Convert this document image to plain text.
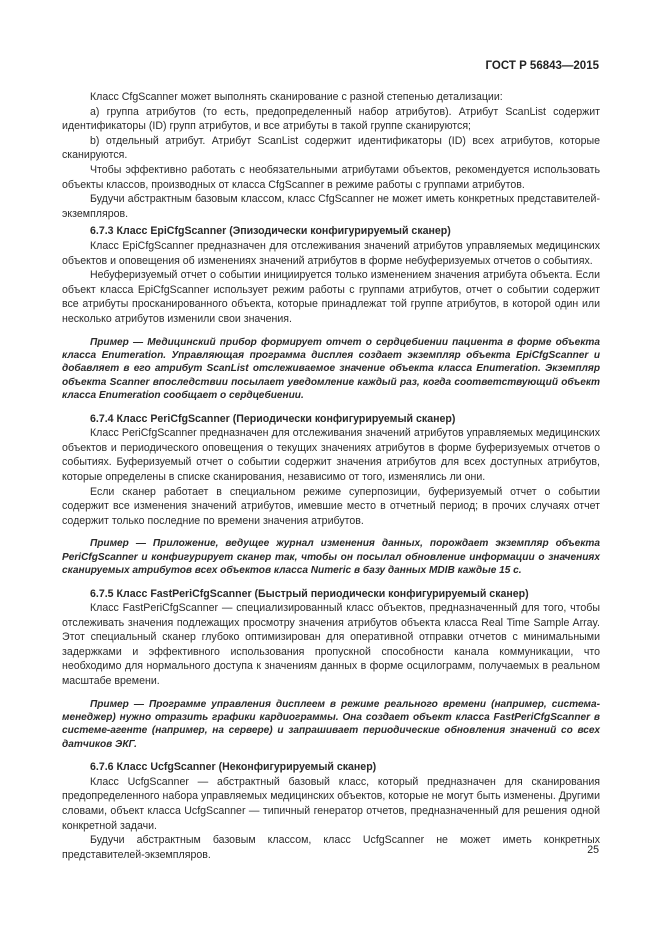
ГОСТ Р 56843—2015

Класс CfgScanner может выполнять сканирование с разной степенью детализации:

a) группа атрибутов (то есть, предопределенный набор атрибутов). Атрибут ScanList содержит идентификаторы (ID) групп атрибутов, и все атрибуты в такой группе сканируются;

b) отдельный атрибут. Атрибут ScanList содержит идентификаторы (ID) всех атрибутов, которые сканируются.

Чтобы эффективно работать с необязательными атрибутами объектов, рекомендуется использовать объекты классов, производных от класса CfgScanner в режиме работы с группами атрибутов.

Будучи абстрактным базовым классом, класс CfgScanner не может иметь конкретных представителей-экземпляров.

6.7.3 Класс EpiCfgScanner (Эпизодически конфигурируемый сканер)

Класс EpiCfgScanner предназначен для отслеживания значений атрибутов управляемых медицинских объектов и оповещения об изменениях значений атрибутов в форме небуферизуемых отчетов о событиях.

Небуферизуемый отчет о событии инициируется только изменением значения атрибута объекта. Если объект класса EpiCfgScanner использует режим работы с группами атрибутов, отчет о событии содержит все атрибуты просканированного объекта, которые принадлежат той группе атрибутов, в которой один или несколько атрибутов изменили свои значения.

Пример — Медицинский прибор формирует отчет о сердцебиении пациента в форме объекта класса Enumeration. Управляющая программа дисплея создает экземпляр объекта EpiCfgScanner и добавляет в его атрибут ScanList отслеживаемое значение объекта класса Enumeration. Экземпляр объекта Scanner впоследствии посылает уведомление каждый раз, когда соответствующий объект класса Enumeration сообщает о сердцебиении.

6.7.4 Класс PeriCfgScanner (Периодически конфигурируемый сканер)

Класс PeriCfgScanner предназначен для отслеживания значений атрибутов управляемых медицинских объектов и периодического оповещения о текущих значениях атрибутов в форме буферизуемых отчетов о событиях. Буферизуемый отчет о событии содержит значения атрибутов для всех доступных атрибутов, которые определены в списке сканирования, независимо от того, изменялись ли они.

Если сканер работает в специальном режиме суперпозиции, буферизуемый отчет о событии содержит все изменения значений атрибутов, имевшие место в отчетный период; в прочих случаях отчет содержит только последние по времени значения атрибутов.

Пример — Приложение, ведущее журнал изменения данных, порождает экземпляр объекта PeriCfgScanner и конфигурирует сканер так, чтобы он посылал обновление информации о значениях сканируемых атрибутов всех объектов класса Numeric в базу данных MDIB каждые 15 с.

6.7.5 Класс FastPeriCfgScanner (Быстрый периодически конфигурируемый сканер)

Класс FastPeriCfgScanner — специализированный класс объектов, предназначенный для того, чтобы отслеживать значения подлежащих просмотру значения атрибутов объекта класса Real Time Sample Array. Этот специальный сканер глубоко оптимизирован для оперативной отправки отчетов с минимальными задержками и эффективного использования пропускной способности канала коммуникации, что необходимо для нормального доступа к значениям данных в форме осцилограмм, получаемых в реальном масштабе времени.

Пример — Программе управления дисплеем в режиме реального времени (например, система-менеджер) нужно отразить графики кардиограммы. Она создает объект класса FastPeriCfgScanner в системе-агенте (например, на сервере) и запрашивает периодические обновления значений со всех датчиков ЭКГ.

6.7.6 Класс UcfgScanner (Неконфигурируемый сканер)

Класс UcfgScanner — абстрактный базовый класс, который предназначен для сканирования предопределенного набора управляемых медицинских объектов, которые не могут быть изменены. Другими словами, объект класса UcfgScanner — типичный генератор отчетов, предназначенный для решения одной конкретной задачи.

Будучи абстрактным базовым классом, класс UcfgScanner не может иметь конкретных представителей-экземпляров.	25
